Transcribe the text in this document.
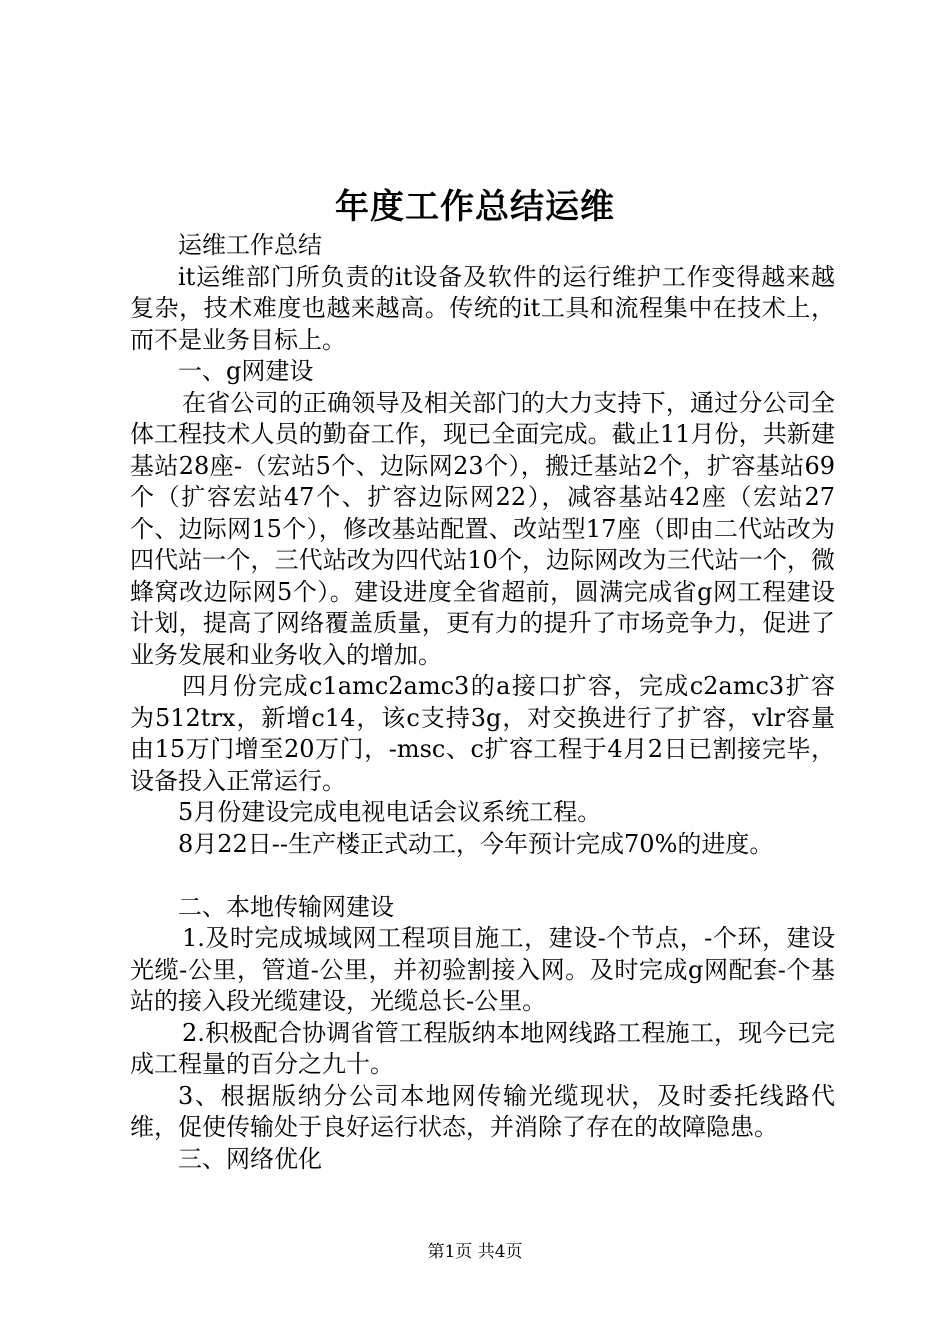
年度工作总结运维

运维工作总结

it运维部门所负责的it设备及软件的运行维护工作变得越来越复杂，技术难度也越来越高。传统的it工具和流程集中在技术上，而不是业务目标上。

一、g网建设

在省公司的正确领导及相关部门的大力支持下，通过分公司全体工程技术人员的勤奋工作，现已全面完成。截止11月份，共新建基站28座-（宏站5个、边际网23个），搬迁基站2个，扩容基站69个（扩容宏站47个、扩容边际网22），减容基站42座（宏站27个、边际网15个），修改基站配置、改站型17座（即由二代站改为四代站一个，三代站改为四代站10个，边际网改为三代站一个，微蜂窝改边际网5个）。建设进度全省超前，圆满完成省g网工程建设计划，提高了网络覆盖质量，更有力的提升了市场竞争力，促进了业务发展和业务收入的增加。

四月份完成c1amc2amc3的a接口扩容，完成c2amc3扩容为512trx，新增c14，该c支持3g，对交换进行了扩容，vlr容量由15万门增至20万门，-msc、c扩容工程于4月2日已割接完毕，设备投入正常运行。

5月份建设完成电视电话会议系统工程。

8月22日--生产楼正式动工，今年预计完成70%的进度。

二、本地传输网建设

1.及时完成城域网工程项目施工，建设-个节点，-个环，建设光缆-公里，管道-公里，并初验割接入网。及时完成g网配套-个基站的接入段光缆建设，光缆总长-公里。

2.积极配合协调省管工程版纳本地网线路工程施工，现今已完成工程量的百分之九十。

3、根据版纳分公司本地网传输光缆现状，及时委托线路代维，促使传输处于良好运行状态，并消除了存在的故障隐患。

三、网络优化

第1页 共4页
